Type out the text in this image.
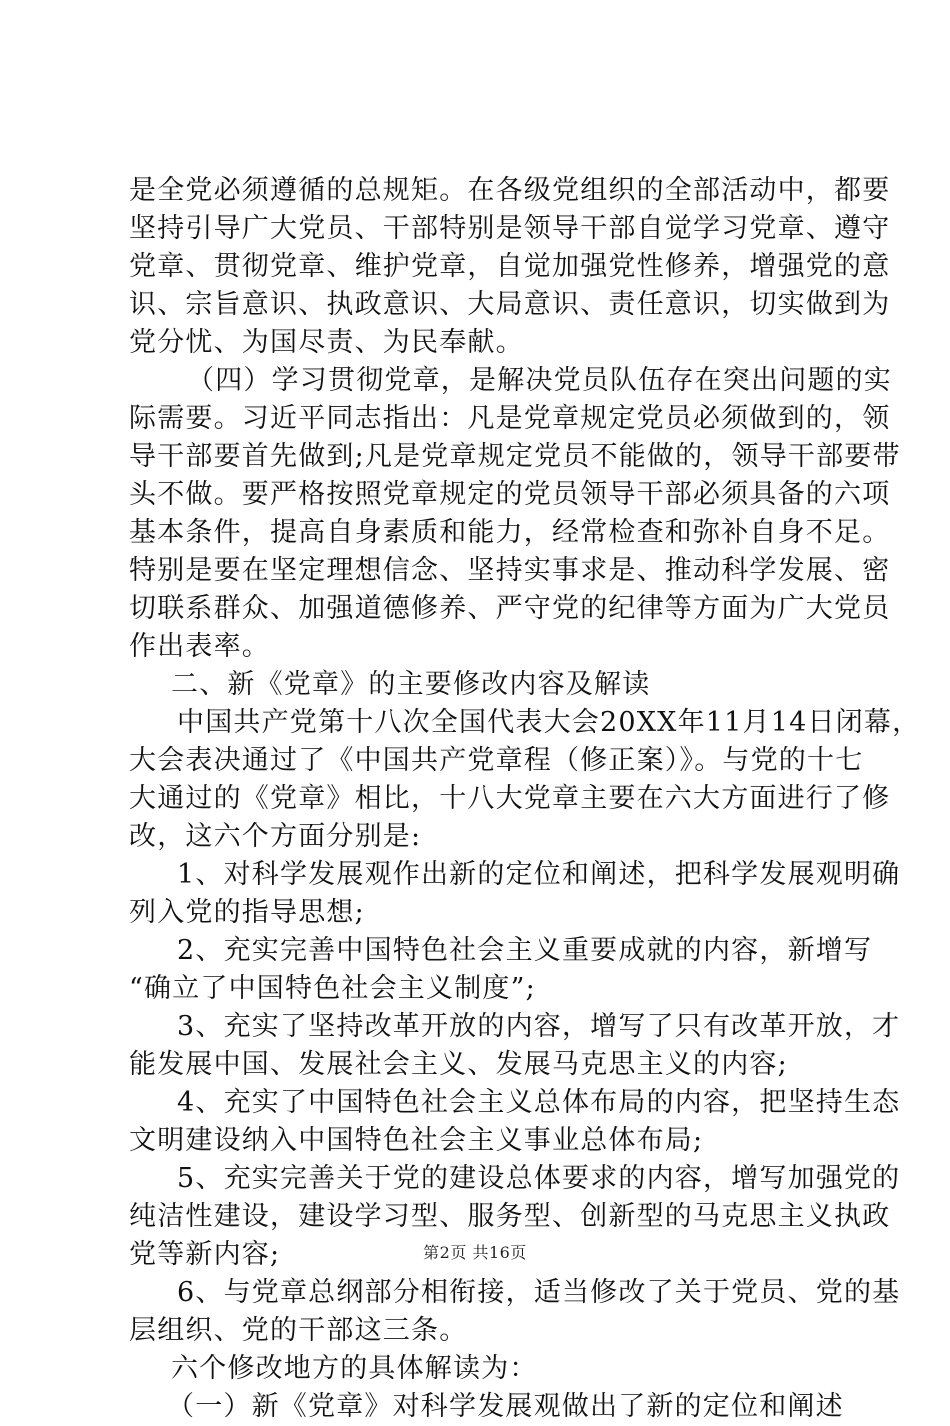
是全党必须遵循的总规矩。在各级党组织的全部活动中，都要
坚持引导广大党员、干部特别是领导干部自觉学习党章、遵守
党章、贯彻党章、维护党章，自觉加强党性修养，增强党的意
识、宗旨意识、执政意识、大局意识、责任意识，切实做到为
党分忧、为国尽责、为民奉献。
（四）学习贯彻党章，是解决党员队伍存在突出问题的实
际需要。习近平同志指出：凡是党章规定党员必须做到的，领
导干部要首先做到;凡是党章规定党员不能做的，领导干部要带
头不做。要严格按照党章规定的党员领导干部必须具备的六项
基本条件，提高自身素质和能力，经常检查和弥补自身不足。
特别是要在坚定理想信念、坚持实事求是、推动科学发展、密
切联系群众、加强道德修养、严守党的纪律等方面为广大党员
作出表率。
二、新《党章》的主要修改内容及解读
中国共产党第十八次全国代表大会20XX年11月14日闭幕，
大会表决通过了《中国共产党章程（修正案）》。与党的十七
大通过的《党章》相比，十八大党章主要在六大方面进行了修
改，这六个方面分别是:
1、对科学发展观作出新的定位和阐述，把科学发展观明确
列入党的指导思想;
2、充实完善中国特色社会主义重要成就的内容，新增写
“确立了中国特色社会主义制度”;
3、充实了坚持改革开放的内容，增写了只有改革开放，才
能发展中国、发展社会主义、发展马克思主义的内容;
4、充实了中国特色社会主义总体布局的内容，把坚持生态
文明建设纳入中国特色社会主义事业总体布局;
5、充实完善关于党的建设总体要求的内容，增写加强党的
纯洁性建设，建设学习型、服务型、创新型的马克思主义执政
党等新内容;
6、与党章总纲部分相衔接，适当修改了关于党员、党的基
层组织、党的干部这三条。
六个修改地方的具体解读为：
（一）新《党章》对科学发展观做出了新的定位和阐述
第2页 共16页
